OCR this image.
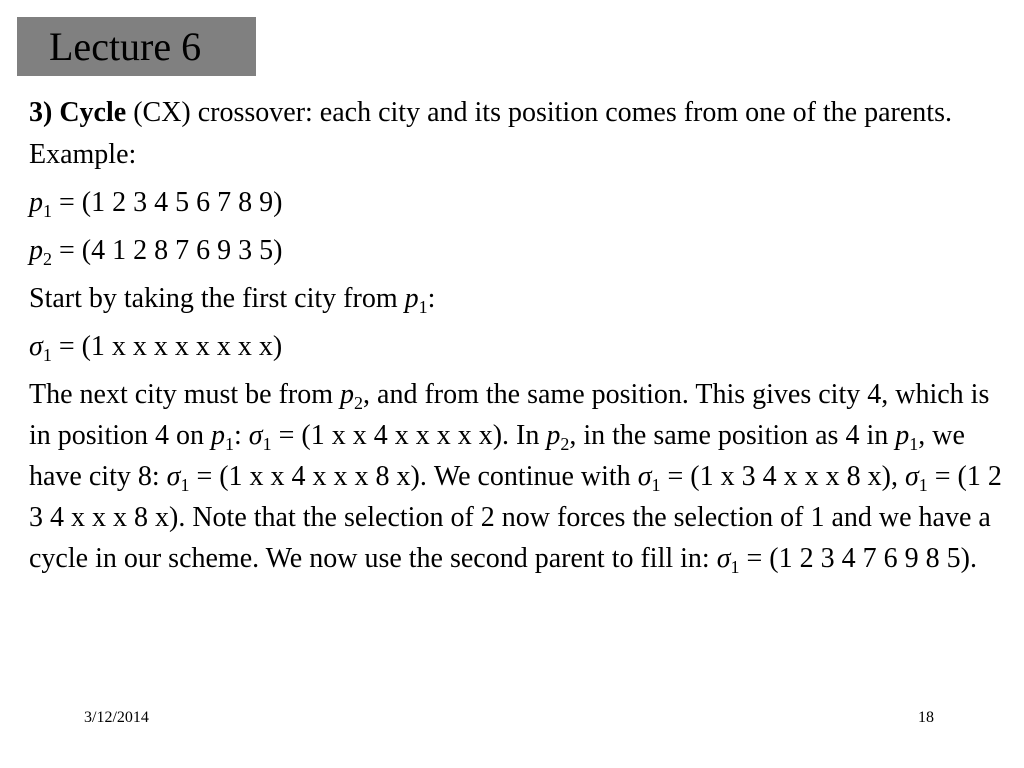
Lecture 6

3) Cycle (CX) crossover: each city and its position comes from one of the parents. Example:

$p_1 = (1$ 2 3 4 5 6 7 8 9)

$p_2 = (4$ 1 2 8 7 6 9 3 5)

Start by taking the first city from $p_1$:

$\sigma_1 = (1$ x x x x x x x x)

The next city must be from $p_2$, and from the same position. This gives city 4, which is in position 4 on $p_1$: $\sigma_1 = (1$ x x 4 x x x x x). In $p_2$, in the same position as 4 in $p_1$, we have city 8: $\sigma_1 = (1$ x x 4 x x x 8 x). We continue with $\sigma_1 = (1$ x 3 4 x x x 8 x), $\sigma_1 = (1$ 2 3 4 x x x 8 x). Note that the selection of 2 now forces the selection of 1 and we have a cycle in our scheme. We now use the second parent to fill in: $\sigma_1 = (1$ 2 3 4 7 6 9 8 5).

3/12/2014	18
